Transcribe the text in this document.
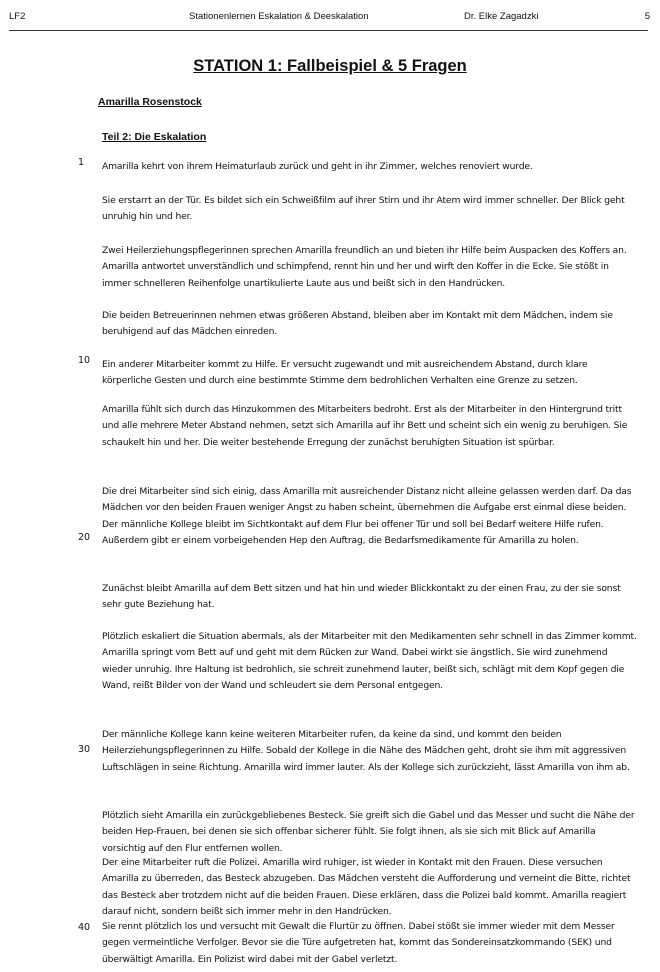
LF2	Stationenlernen Eskalation & Deeskalation	Dr. Elke Zagadzki	5
STATION 1: Fallbeispiel & 5 Fragen
Amarilla Rosenstock
Teil 2: Die Eskalation
1
10
20
30
40
Amarilla kehrt von ihrem Heimaturlaub zurück und geht in ihr Zimmer, welches renoviert wurde.
Sie erstarrt an der Tür. Es bildet sich ein Schweißfilm auf ihrer Stirn und ihr Atem wird immer schneller. Der Blick geht unruhig hin und her.
Zwei Heilerziehungspflegerinnen sprechen Amarilla freundlich an und bieten ihr Hilfe beim Auspacken des Koffers an. Amarilla antwortet unverständlich und schimpfend, rennt hin und her und wirft den Koffer in die Ecke. Sie stößt in immer schnelleren Reihenfolge unartikulierte Laute aus und beißt sich in den Handrücken.
Die beiden Betreuerinnen nehmen etwas größeren Abstand, bleiben aber im Kontakt mit dem Mädchen, indem sie beruhigend auf das Mädchen einreden.
Ein anderer Mitarbeiter kommt zu Hilfe. Er versucht zugewandt und mit ausreichendem Abstand, durch klare körperliche Gesten und durch eine bestimmte Stimme dem bedrohlichen Verhalten eine Grenze zu setzen.
Amarilla fühlt sich durch das Hinzukommen des Mitarbeiters bedroht. Erst als der Mitarbeiter in den Hintergrund tritt und alle mehrere Meter Abstand nehmen, setzt sich Amarilla auf ihr Bett und scheint sich ein wenig zu beruhigen. Sie schaukelt hin und her. Die weiter bestehende Erregung der zunächst beruhigten Situation ist spürbar.
Die drei Mitarbeiter sind sich einig, dass Amarilla mit ausreichender Distanz nicht alleine gelassen werden darf. Da das Mädchen vor den beiden Frauen weniger Angst zu haben scheint, übernehmen die Aufgabe erst einmal diese beiden. Der männliche Kollege bleibt im Sichtkontakt auf dem Flur bei offener Tür und soll bei Bedarf weitere Hilfe rufen. Außerdem gibt er einem vorbeigehenden Hep den Auftrag, die Bedarfsmedikamente für Amarilla zu holen.
Zunächst bleibt Amarilla auf dem Bett sitzen und hat hin und wieder Blickkontakt zu der einen Frau, zu der sie sonst sehr gute Beziehung hat.
Plötzlich eskaliert die Situation abermals, als der Mitarbeiter mit den Medikamenten sehr schnell in das Zimmer kommt. Amarilla springt vom Bett auf und geht mit dem Rücken zur Wand. Dabei wirkt sie ängstlich. Sie wird zunehmend wieder unruhig. Ihre Haltung ist bedrohlich, sie schreit zunehmend lauter, beißt sich, schlägt mit dem Kopf gegen die Wand, reißt Bilder von der Wand und schleudert sie dem Personal entgegen.
Der männliche Kollege kann keine weiteren Mitarbeiter rufen, da keine da sind, und kommt den beiden Heilerziehungspflegerinnen zu Hilfe. Sobald der Kollege in die Nähe des Mädchen geht, droht sie ihm mit aggressiven Luftschlägen in seine Richtung. Amarilla wird immer lauter. Als der Kollege sich zurückzieht, lässt Amarilla von ihm ab.
Plötzlich sieht Amarilla ein zurückgebliebenes Besteck. Sie greift sich die Gabel und das Messer und sucht die Nähe der beiden Hep-Frauen, bei denen sie sich offenbar sicherer fühlt. Sie folgt ihnen, als sie sich mit Blick auf Amarilla vorsichtig auf den Flur entfernen wollen.
Der eine Mitarbeiter ruft die Polizei. Amarilla wird ruhiger, ist wieder in Kontakt mit den Frauen. Diese versuchen Amarilla zu überreden, das Besteck abzugeben. Das Mädchen versteht die Aufforderung und verneint die Bitte, richtet das Besteck aber trotzdem nicht auf die beiden Frauen. Diese erklären, dass die Polizei bald kommt. Amarilla reagiert darauf nicht, sondern beißt sich immer mehr in den Handrücken.
Sie rennt plötzlich los und versucht mit Gewalt die Flurtür zu öffnen. Dabei stößt sie immer wieder mit dem Messer gegen vermeintliche Verfolger. Bevor sie die Türe aufgetreten hat, kommt das Sondereinsatzkommando (SEK) und überwältigt Amarilla. Ein Polizist wird dabei mit der Gabel verletzt.
